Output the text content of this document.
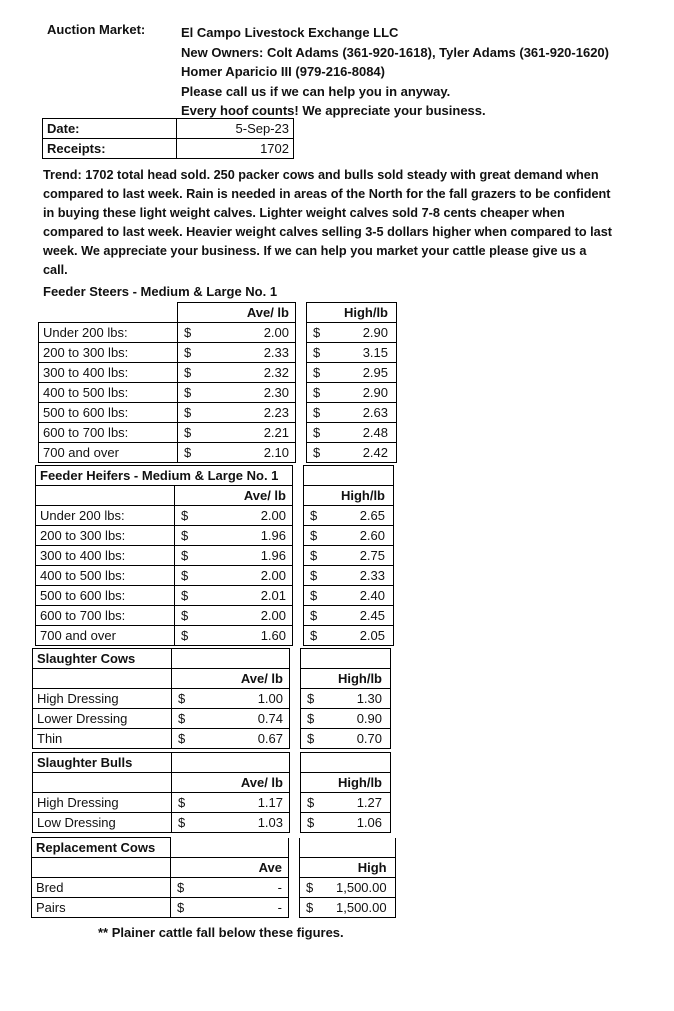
Auction Market:	El Campo Livestock Exchange LLC
New Owners: Colt Adams (361-920-1618), Tyler Adams (361-920-1620)
Homer Aparicio III (979-216-8084)
Please call us if we can help you in anyway.
Every hoof counts! We appreciate your business.
Date:	5-Sep-23
Receipts:	1702
Trend: 1702 total head sold. 250 packer cows and bulls sold steady with great demand when compared to last week. Rain is needed in areas of the North for the fall grazers to be confident in buying these light weight calves. Lighter weight calves sold 7-8 cents cheaper when compared to last week. Heavier weight calves selling 3-5 dollars higher when compared to last week. We appreciate your business. If we can help you market your cattle please give us a call.
Feeder Steers - Medium & Large No. 1
		Ave/ lb			High/lb
Under 200 lbs:	$	2.00		$	2.90
200 to 300 lbs:	$	2.33		$	3.15
300 to 400 lbs:	$	2.32		$	2.95
400 to 500 lbs:	$	2.30		$	2.90
500 to 600 lbs:	$	2.23		$	2.63
600 to 700 lbs:	$	2.21		$	2.48
700 and over	$	2.10		$	2.42
Feeder Heifers - Medium & Large No. 1					
		Ave/ lb			High/lb
Under 200 lbs:	$	2.00		$	2.65
200 to 300 lbs:	$	1.96		$	2.60
300 to 400 lbs:	$	1.96		$	2.75
400 to 500 lbs:	$	2.00		$	2.33
500 to 600 lbs:	$	2.01		$	2.40
600 to 700 lbs:	$	2.00		$	2.45
700 and over	$	1.60		$	2.05
Slaughter Cows					
		Ave/ lb			High/lb
High Dressing	$	1.00		$	1.30
Lower Dressing	$	0.74		$	0.90
Thin	$	0.67		$	0.70
Slaughter Bulls					
		Ave/ lb			High/lb
High Dressing	$	1.17		$	1.27
Low Dressing	$	1.03		$	1.06
Replacement Cows					
		Ave			High
Bred	$	-		$	1,500.00
Pairs	$	-		$	1,500.00
** Plainer cattle fall below these figures.
